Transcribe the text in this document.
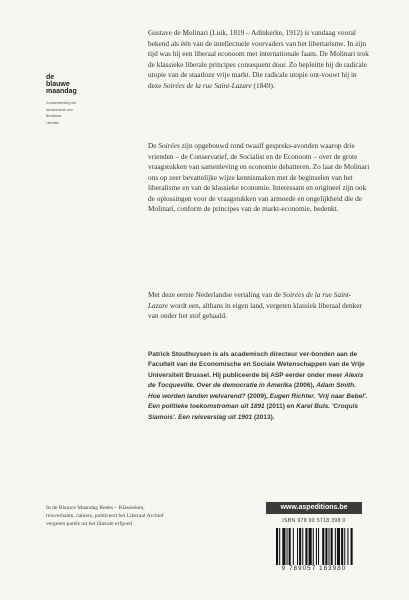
de
blauwe
maandag
in samenwerking met
studiecentrum voor
liberalisme
Liberales

Gustave de Molinari (Luik, 1819 – Adinkerke, 1912) is vandaag vooral bekend als één van de intellectuele voorvaders van het libertarisme. In zijn tijd was hij een liberaal econoom met internationale faam. De Molinari trok de klassieke liberale principes consequent door. Zo bepleitte hij de radicale utopie van de staatloze vrije markt. Die radicale utopie ont-vouwt hij in deze Soirées de la rue Saint-Lazare (1849).

De Soirées zijn opgebouwd rond twaalf gespreks-avonden waarop drie vrienden – de Conservatief, de Socialist en de Econoom – over de grote vraagstukken van samenleving en economie debatteren. Zo laat de Molinari ons op zeer bevattelijke wijze kennismaken met de beginselen van het liberalisme en van de klassieke economie. Interessant en origineel zijn ook de oplossingen voor de vraagstukken van armoede en ongelijkheid die de Molinari, conform de principes van de markt-economie, bedenkt.

Met deze eerste Nederlandse vertaling van de Soirées de la rue Saint-Lazare wordt een, althans in eigen land, vergeten klassiek liberaal denker van onder het stof gehaald.

Patrick Stouthuysen is als academisch directeur ver-bonden aan de Faculteit van de Economische en Sociale Wetenschappen van de Vrije Universiteit Brussel. Hij publiceerde bij ASP eerder onder meer Alexis de Tocqueville. Over de democratie in Amerika (2006), Adam Smith. Hoe worden landen welvarend? (2009), Eugen Richter. 'Vrij naar Bebel'. Een politieke toekomstroman uit 1891 (2011) en Karel Buls. 'Croquis Siamois'. Een reisverslag uit 1901 (2013).

In de Blauwe Maandag Reeks – Klassieken, reisverhalen, cahiers, publiceert het Liberaal Archief vergeten parels uit het liberale erfgoed
www.aspeditions.be
ISBN 978 90 5718 398 0
9 789057 183980
